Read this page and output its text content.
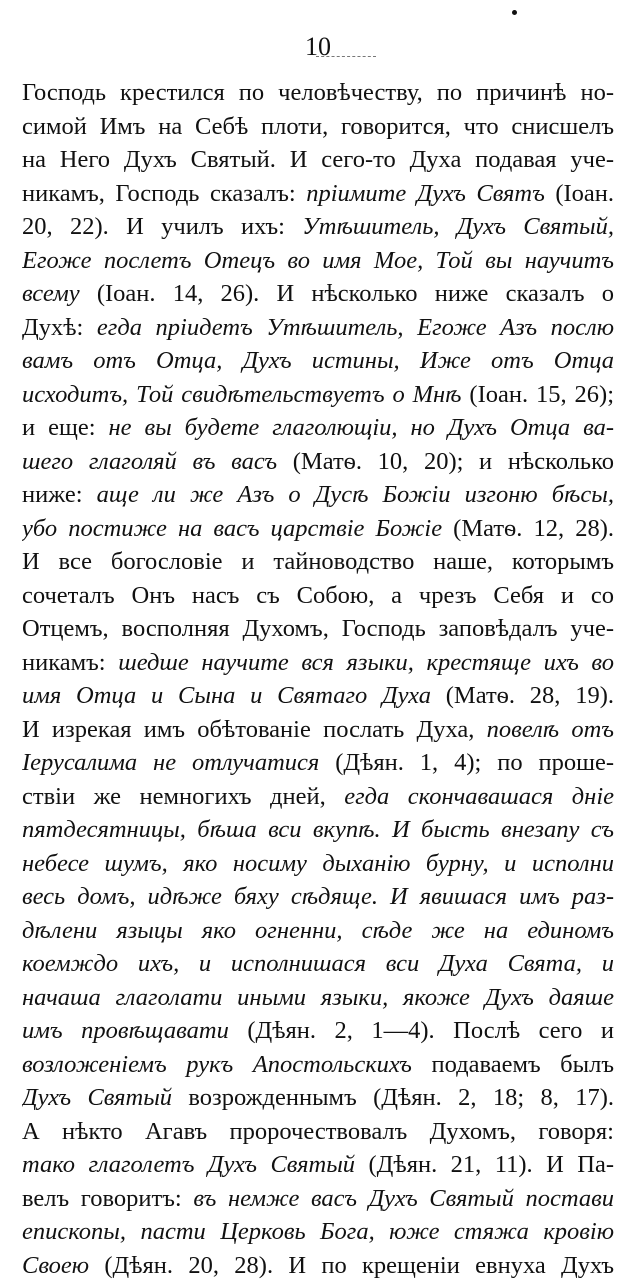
10
Господь крестился по человѣчеству, по причинѣ но-
симой Имъ на Себѣ плоти, говорится, что снисшелъ
на Него Духъ Святый. И сего-то Духа подавая уче-
никамъ, Господь сказалъ: пріимите Духъ Святъ (Іоан.
20, 22). И училъ ихъ: Утѣшитель, Духъ Святый,
Егоже послетъ Отецъ во имя Мое, Той вы научитъ
всему (Іоан. 14, 26). И нѣсколько ниже сказалъ о
Духѣ: егда пріидетъ Утѣшитель, Егоже Азъ послю
вамъ отъ Отца, Духъ истины, Иже отъ Отца
исходитъ, Той свидѣтельствуетъ о Мнѣ (Іоан. 15, 26);
и еще: не вы будете глаголющіи, но Духъ Отца ва-
шего глаголяй въ васъ (Матѳ. 10, 20); и нѣсколько
ниже: аще ли же Азъ о Дусѣ Божіи изгоню бѣсы,
убо постиже на васъ царствіе Божіе (Матѳ. 12, 28).
И все богословіе и тайноводство наше, которымъ
сочеталъ Онъ насъ съ Собою, а чрезъ Себя и со
Отцемъ, восполняя Духомъ, Господь заповѣдалъ уче-
никамъ: шедше научите вся языки, крестяще ихъ во
имя Отца и Сына и Святаго Духа (Матѳ. 28, 19).
И изрекая имъ обѣтованіе послать Духа, повелѣ отъ
Іерусалима не отлучатися (Дѣян. 1, 4); по проше-
ствіи же немногихъ дней, егда скончавашася дніе
пятдесятницы, бѣша вси вкупѣ. И бысть внезапу съ
небесе шумъ, яко носиму дыханію бурну, и исполни
весь домъ, идѣже бяху сѣдяще. И явишася имъ раз-
дѣлени языцы яко огненни, сѣде же на единомъ
коемждо ихъ, и исполнишася вси Духа Свята, и
начаша глаголати иными языки, якоже Духъ даяше
имъ провѣщавати (Дѣян. 2, 1—4). Послѣ сего и
возложеніемъ рукъ Апостольскихъ подаваемъ былъ
Духъ Святый возрожденнымъ (Дѣян. 2, 18; 8, 17).
А нѣкто Агавъ пророчествовалъ Духомъ, говоря:
тако глаголетъ Духъ Святый (Дѣян. 21, 11). И Па-
велъ говоритъ: въ немже васъ Духъ Святый постави
епископы, пасти Церковь Бога, юже стяжа кровію
Своею (Дѣян. 20, 28). И по крещеніи евнуха Духъ
